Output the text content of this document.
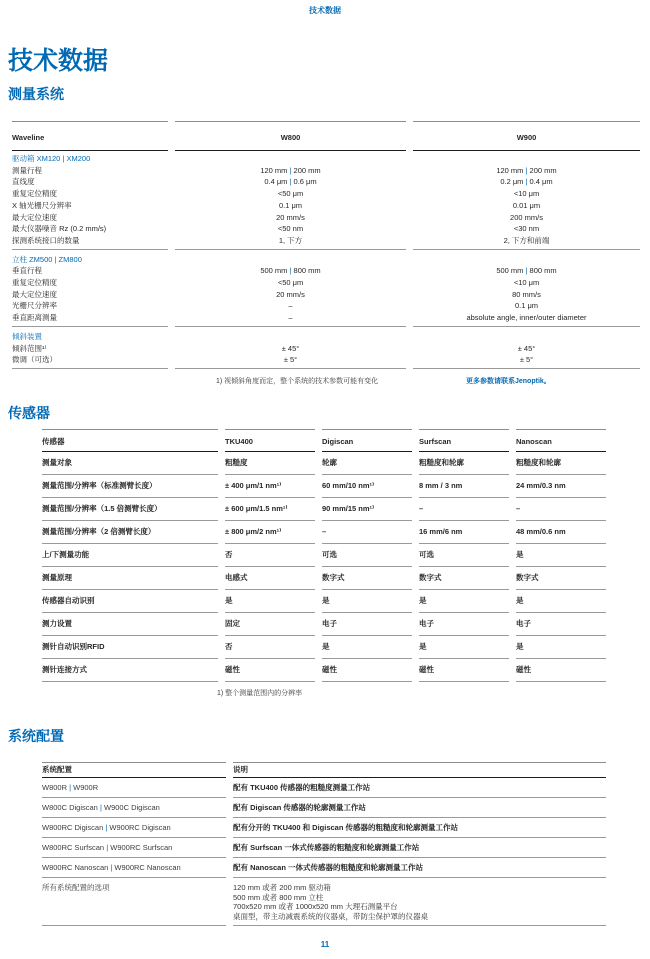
技术数据
技术数据
测量系统
Waveline	W800	W900
驱动箱 XM120 | XM200
测量行程	120 mm | 200 mm	120 mm | 200 mm
直线度	0.4 μm | 0.6 μm	0.2 μm | 0.4 μm
重复定位精度	<50 μm	<10 μm
X 轴光栅尺分辨率	0.1 μm	0.01 μm
最大定位速度	20 mm/s	200 mm/s
最大仪器噪音 Rz (0.2 mm/s)	<50 nm	<30 nm
探测系统接口的数量	1, 下方	2, 下方和前端
立柱 ZM500 | ZM800
垂直行程	500 mm | 800 mm	500 mm | 800 mm
重复定位精度	<50 μm	<10 μm
最大定位速度	20 mm/s	80 mm/s
光栅尺分辨率	–	0.1 μm
垂直距离测量	–	absolute angle, inner/outer diameter
倾斜装置
倾斜范围¹⁾	± 45°	± 45°
微调（可选）	± 5°	± 5°
1) 视倾斜角度而定，整个系统的技术参数可能有变化	更多参数请联系Jenoptik。
传感器
传感器	TKU400	Digiscan	Surfscan	Nanoscan
测量对象	粗糙度	轮廓	粗糙度和轮廓	粗糙度和轮廓
测量范围/分辨率（标准测臂长度）	± 400 μm/1 nm¹⁾	60 mm/10 nm¹⁾	8 mm / 3 nm	24 mm/0.3 nm
测量范围/分辨率（1.5 倍测臂长度）	± 600 μm/1.5 nm¹⁾	90 mm/15 nm¹⁾	–	–
测量范围/分辨率（2 倍测臂长度）	± 800 μm/2 nm¹⁾	–	16 mm/6 nm	48 mm/0.6 nm
上/下测量功能	否	可选	可选	是
测量原理	电感式	数字式	数字式	数字式
传感器自动识别	是	是	是	是
测力设置	固定	电子	电子	电子
测针自动识别RFID	否	是	是	是
测针连接方式	磁性	磁性	磁性	磁性
1) 整个测量范围内的分辨率
系统配置
系统配置	说明
W800R | W900R	配有 TKU400 传感器的粗糙度测量工作站
W800C Digiscan | W900C Digiscan	配有 Digiscan 传感器的轮廓测量工作站
W800RC Digiscan | W900RC Digiscan	配有分开的 TKU400 和 Digiscan 传感器的粗糙度和轮廓测量工作站
W800RC Surfscan | W900RC Surfscan	配有 Surfscan 一体式传感器的粗糙度和轮廓测量工作站
W800RC Nanoscan | W900RC Nanoscan	配有 Nanoscan 一体式传感器的粗糙度和轮廓测量工作站
所有系统配置的选项	120 mm 或者 200 mm 驱动箱
500 mm 或者 800 mm 立柱
700x520 mm 或者 1000x520 mm 大理石测量平台
桌面型，带主动减震系统的仪器桌，带防尘保护罩的仪器桌
11
